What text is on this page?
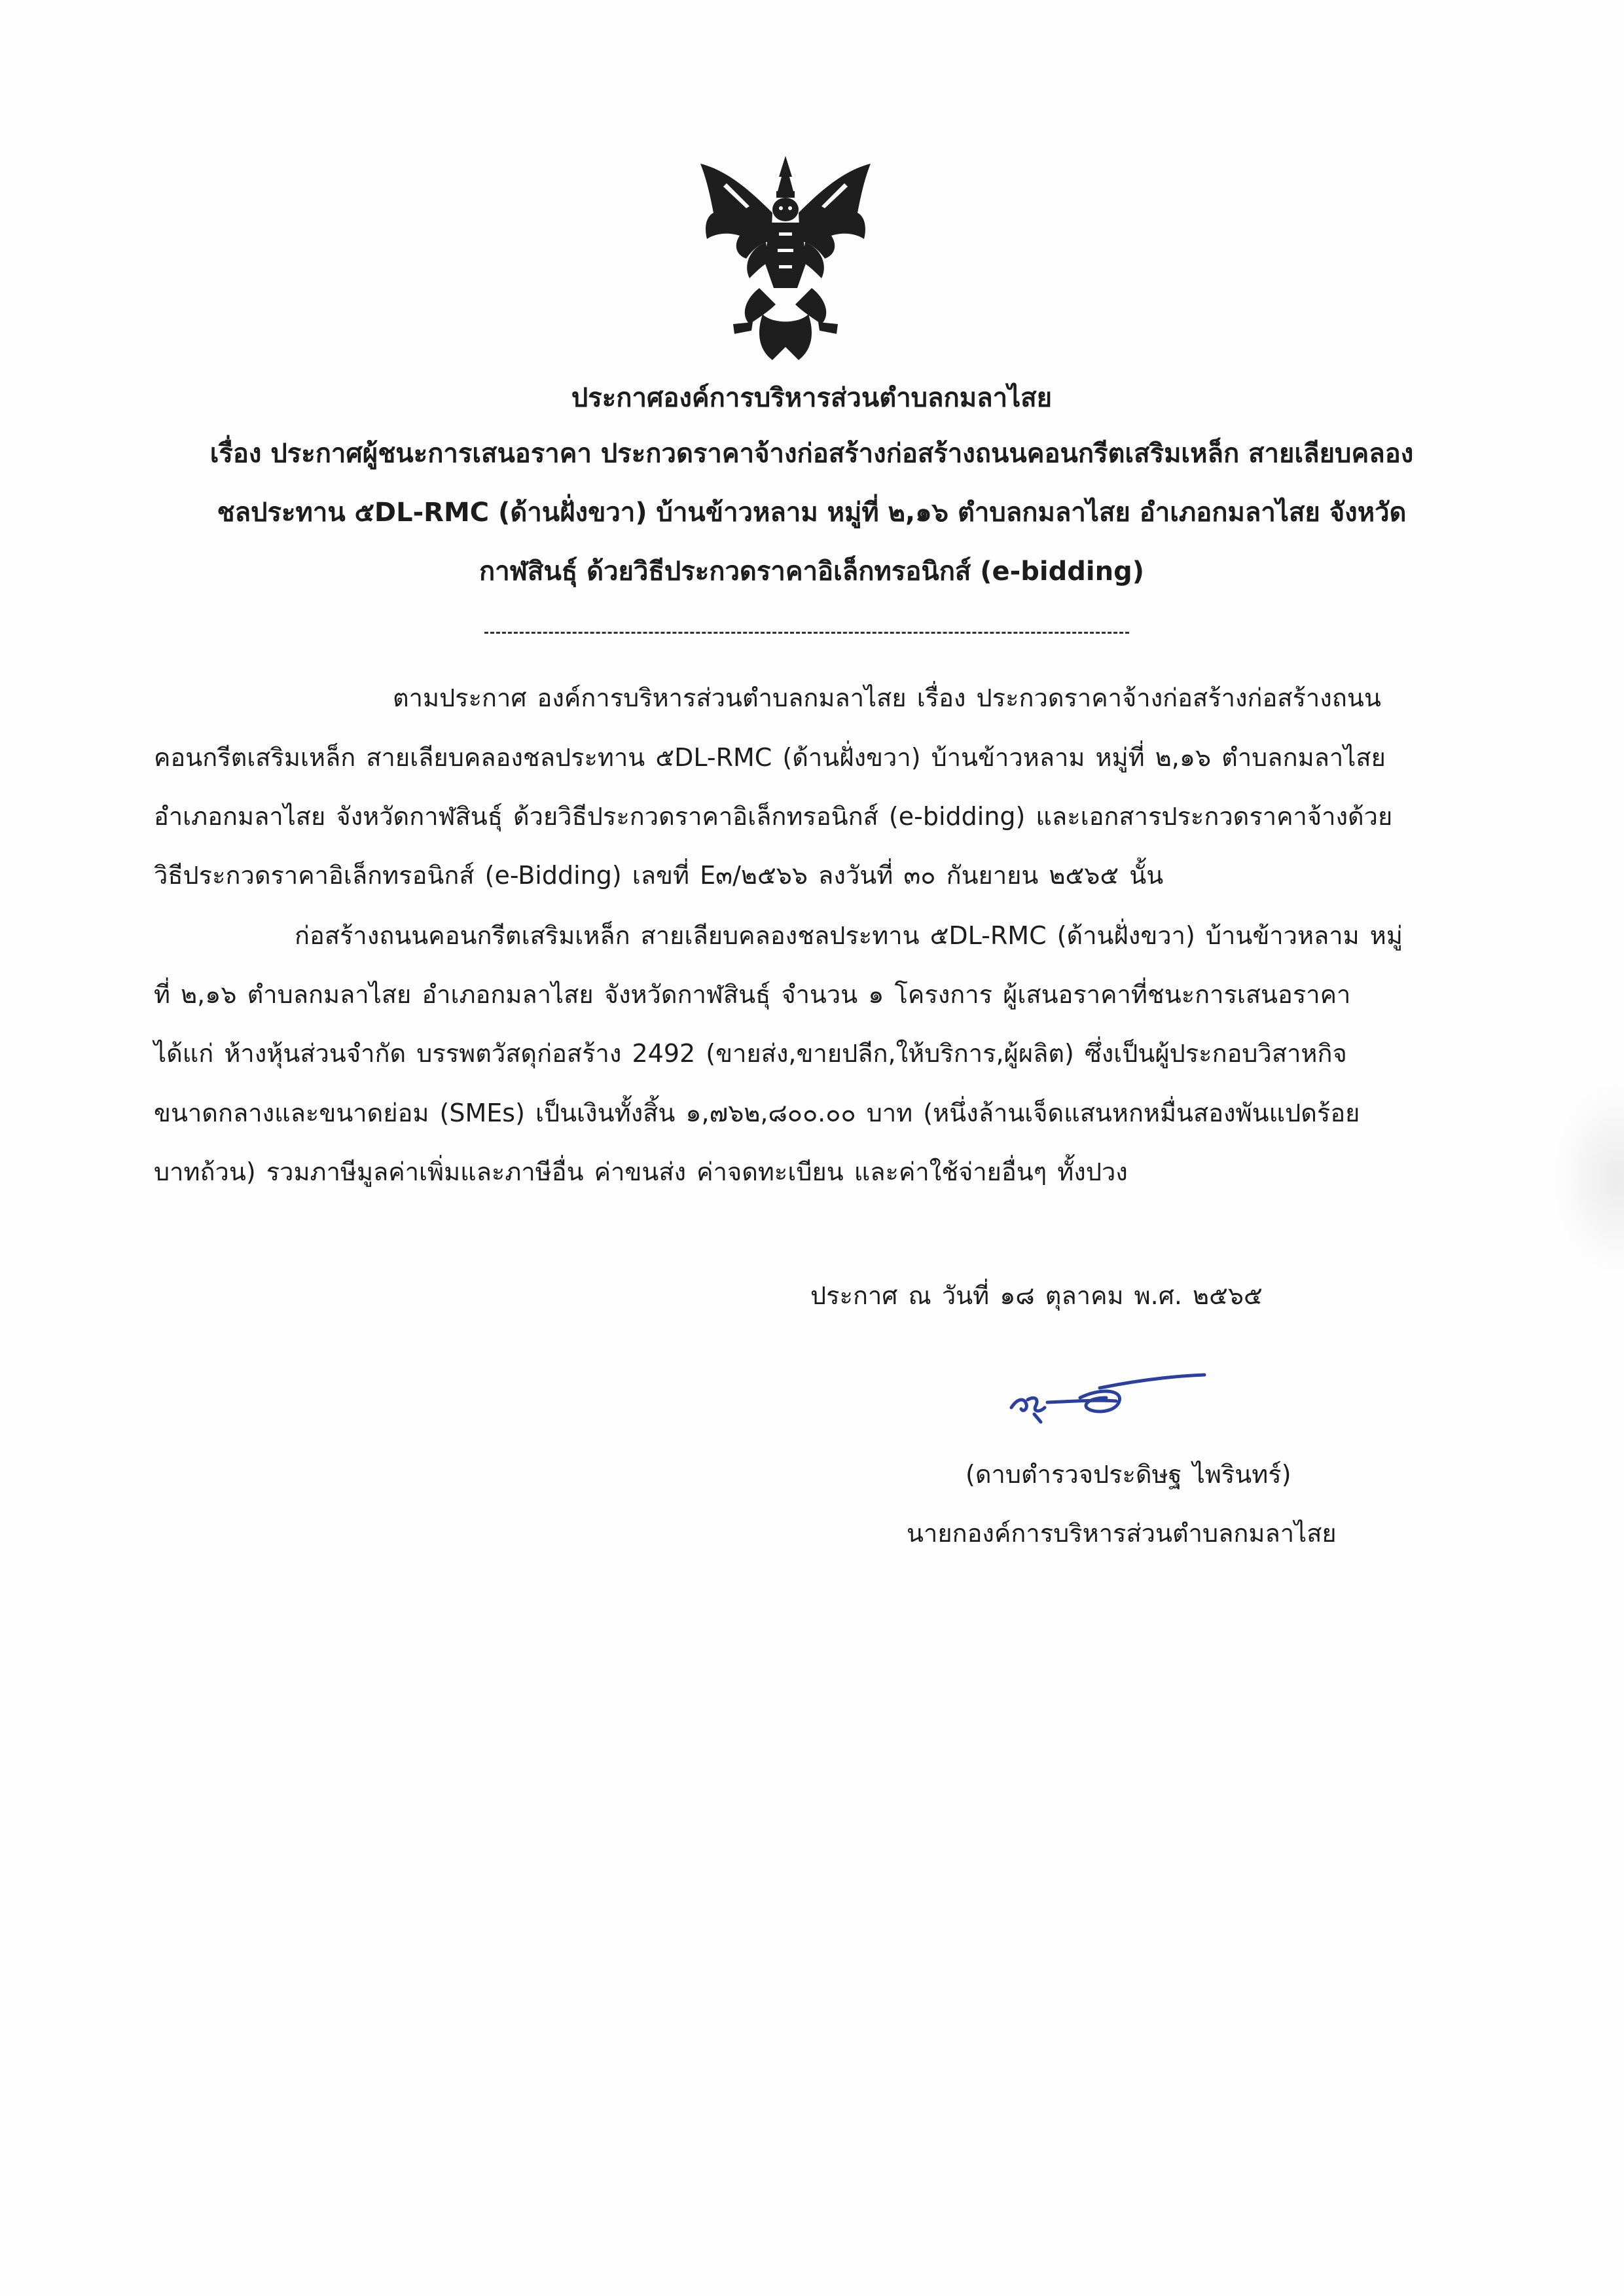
ประกาศองค์การบริหารส่วนตำบลกมลาไสย
เรื่อง ประกาศผู้ชนะการเสนอราคา ประกวดราคาจ้างก่อสร้างก่อสร้างถนนคอนกรีตเสริมเหล็ก สายเลียบคลอง
ชลประทาน ๕DL-RMC (ด้านฝั่งขวา) บ้านข้าวหลาม หมู่ที่ ๒,๑๖ ตำบลกมลาไสย อำเภอกมลาไสย จังหวัด
กาฬสินธุ์ ด้วยวิธีประกวดราคาอิเล็กทรอนิกส์ (e-bidding)
ตามประกาศ องค์การบริหารส่วนตำบลกมลาไสย เรื่อง ประกวดราคาจ้างก่อสร้างก่อสร้างถนน
คอนกรีตเสริมเหล็ก สายเลียบคลองชลประทาน ๕DL-RMC (ด้านฝั่งขวา) บ้านข้าวหลาม หมู่ที่ ๒,๑๖ ตำบลกมลาไสย
อำเภอกมลาไสย จังหวัดกาฬสินธุ์ ด้วยวิธีประกวดราคาอิเล็กทรอนิกส์ (e-bidding) และเอกสารประกวดราคาจ้างด้วย
วิธีประกวดราคาอิเล็กทรอนิกส์ (e-Bidding) เลขที่ E๓/๒๕๖๖ ลงวันที่ ๓๐ กันยายน ๒๕๖๕ นั้น
ก่อสร้างถนนคอนกรีตเสริมเหล็ก สายเลียบคลองชลประทาน ๕DL-RMC (ด้านฝั่งขวา) บ้านข้าวหลาม หมู่
ที่ ๒,๑๖ ตำบลกมลาไสย อำเภอกมลาไสย จังหวัดกาฬสินธุ์ จำนวน ๑ โครงการ ผู้เสนอราคาที่ชนะการเสนอราคา
ได้แก่ ห้างหุ้นส่วนจำกัด บรรพตวัสดุก่อสร้าง 2492 (ขายส่ง,ขายปลีก,ให้บริการ,ผู้ผลิต) ซึ่งเป็นผู้ประกอบวิสาหกิจ
ขนาดกลางและขนาดย่อม (SMEs) เป็นเงินทั้งสิ้น ๑,๗๖๒,๘๐๐.๐๐ บาท (หนึ่งล้านเจ็ดแสนหกหมื่นสองพันแปดร้อย
บาทถ้วน) รวมภาษีมูลค่าเพิ่มและภาษีอื่น ค่าขนส่ง ค่าจดทะเบียน และค่าใช้จ่ายอื่นๆ ทั้งปวง
ประกาศ ณ วันที่ ๑๘ ตุลาคม พ.ศ. ๒๕๖๕
(ดาบตำรวจประดิษฐ ไพรินทร์)
นายกองค์การบริหารส่วนตำบลกมลาไสย
